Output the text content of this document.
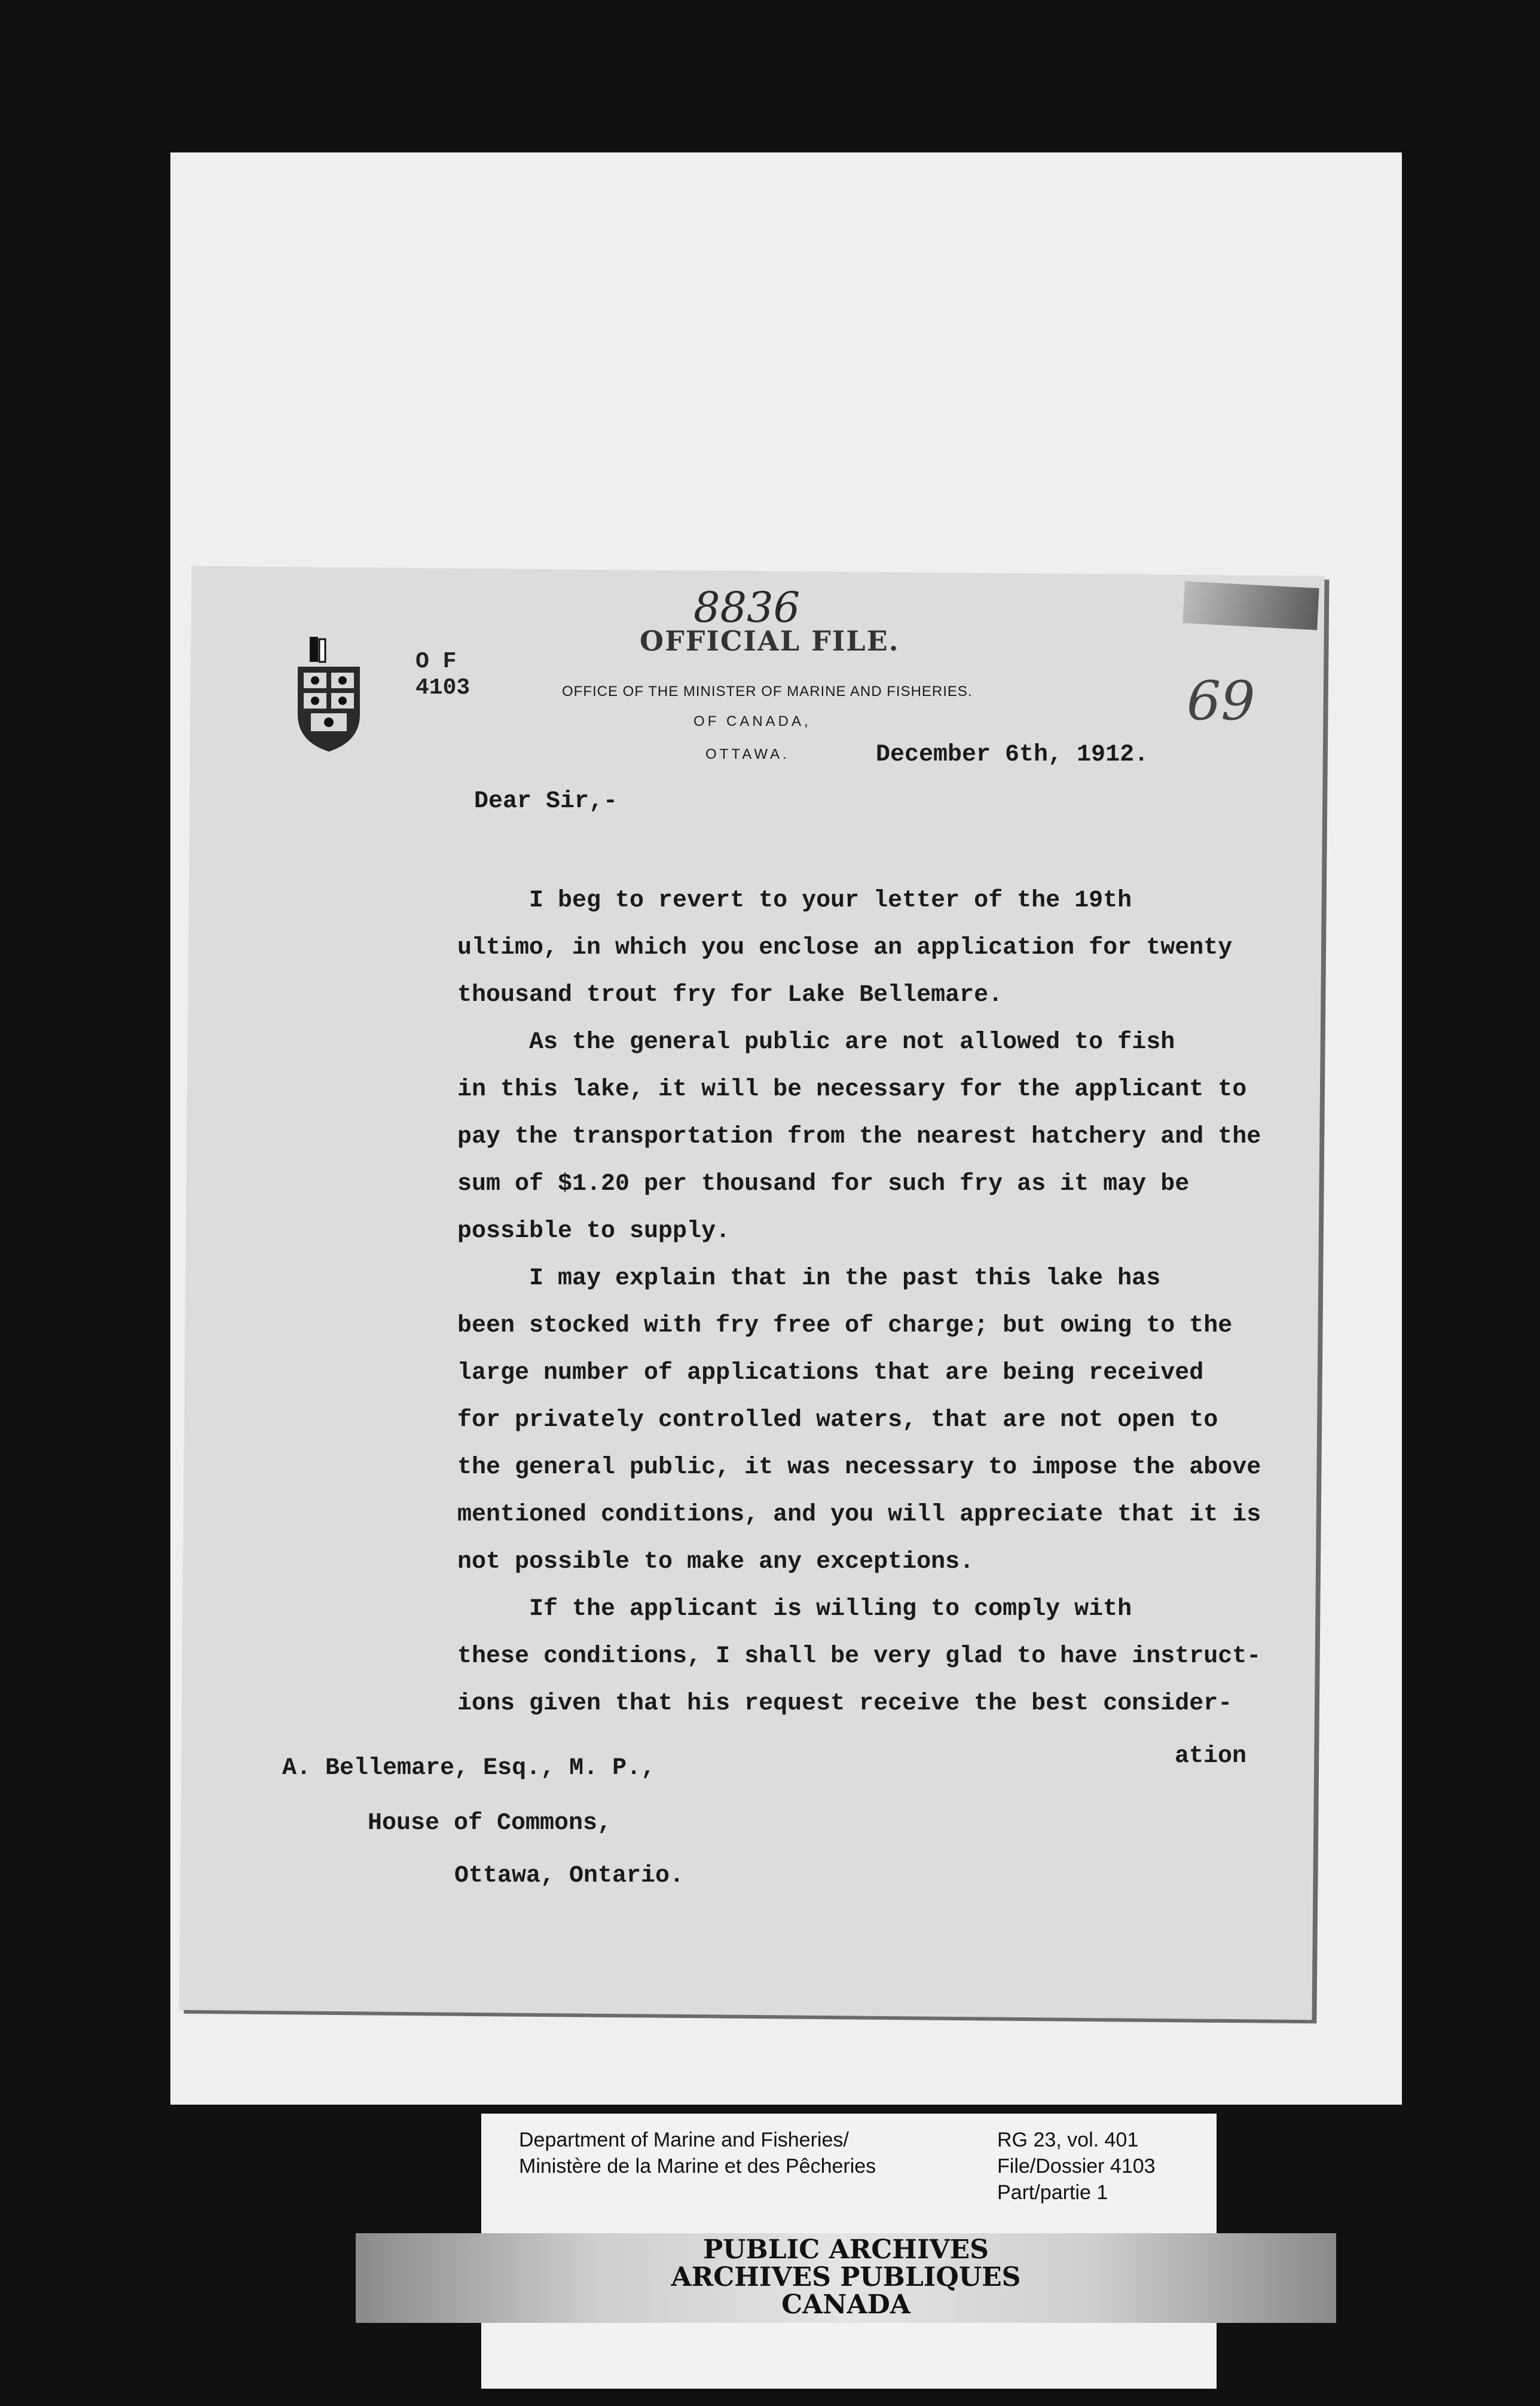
8836
OFFICIAL FILE.
O F
4103	OFFICE OF THE MINISTER OF MARINE AND FISHERIES.
OF CANADA,
OTTAWA.
69
December 6th, 1912.
Dear Sir,-
I beg to revert to your letter of the 19th
ultimo, in which you enclose an application for twenty
thousand trout fry for Lake Bellemare.
As the general public are not allowed to fish
in this lake, it will be necessary for the applicant to
pay the transportation from the nearest hatchery and the
sum of $1.20 per thousand for such fry as it may be
possible to supply.
I may explain that in the past this lake has
been stocked with fry free of charge; but owing to the
large number of applications that are being received
for privately controlled waters, that are not open to
the general public, it was necessary to impose the above
mentioned conditions, and you will appreciate that it is
not possible to make any exceptions.
If the applicant is willing to comply with
these conditions, I shall be very glad to have instruct-
ions given that his request receive the best consider-
ation
A. Bellemare, Esq., M. P.,
House of Commons,
Ottawa, Ontario.
Department of Marine and Fisheries/
Ministère de la Marine et des Pêcheries
RG 23, vol. 401
File/Dossier 4103
Part/partie 1
PUBLIC ARCHIVES
ARCHIVES PUBLIQUES
CANADA
